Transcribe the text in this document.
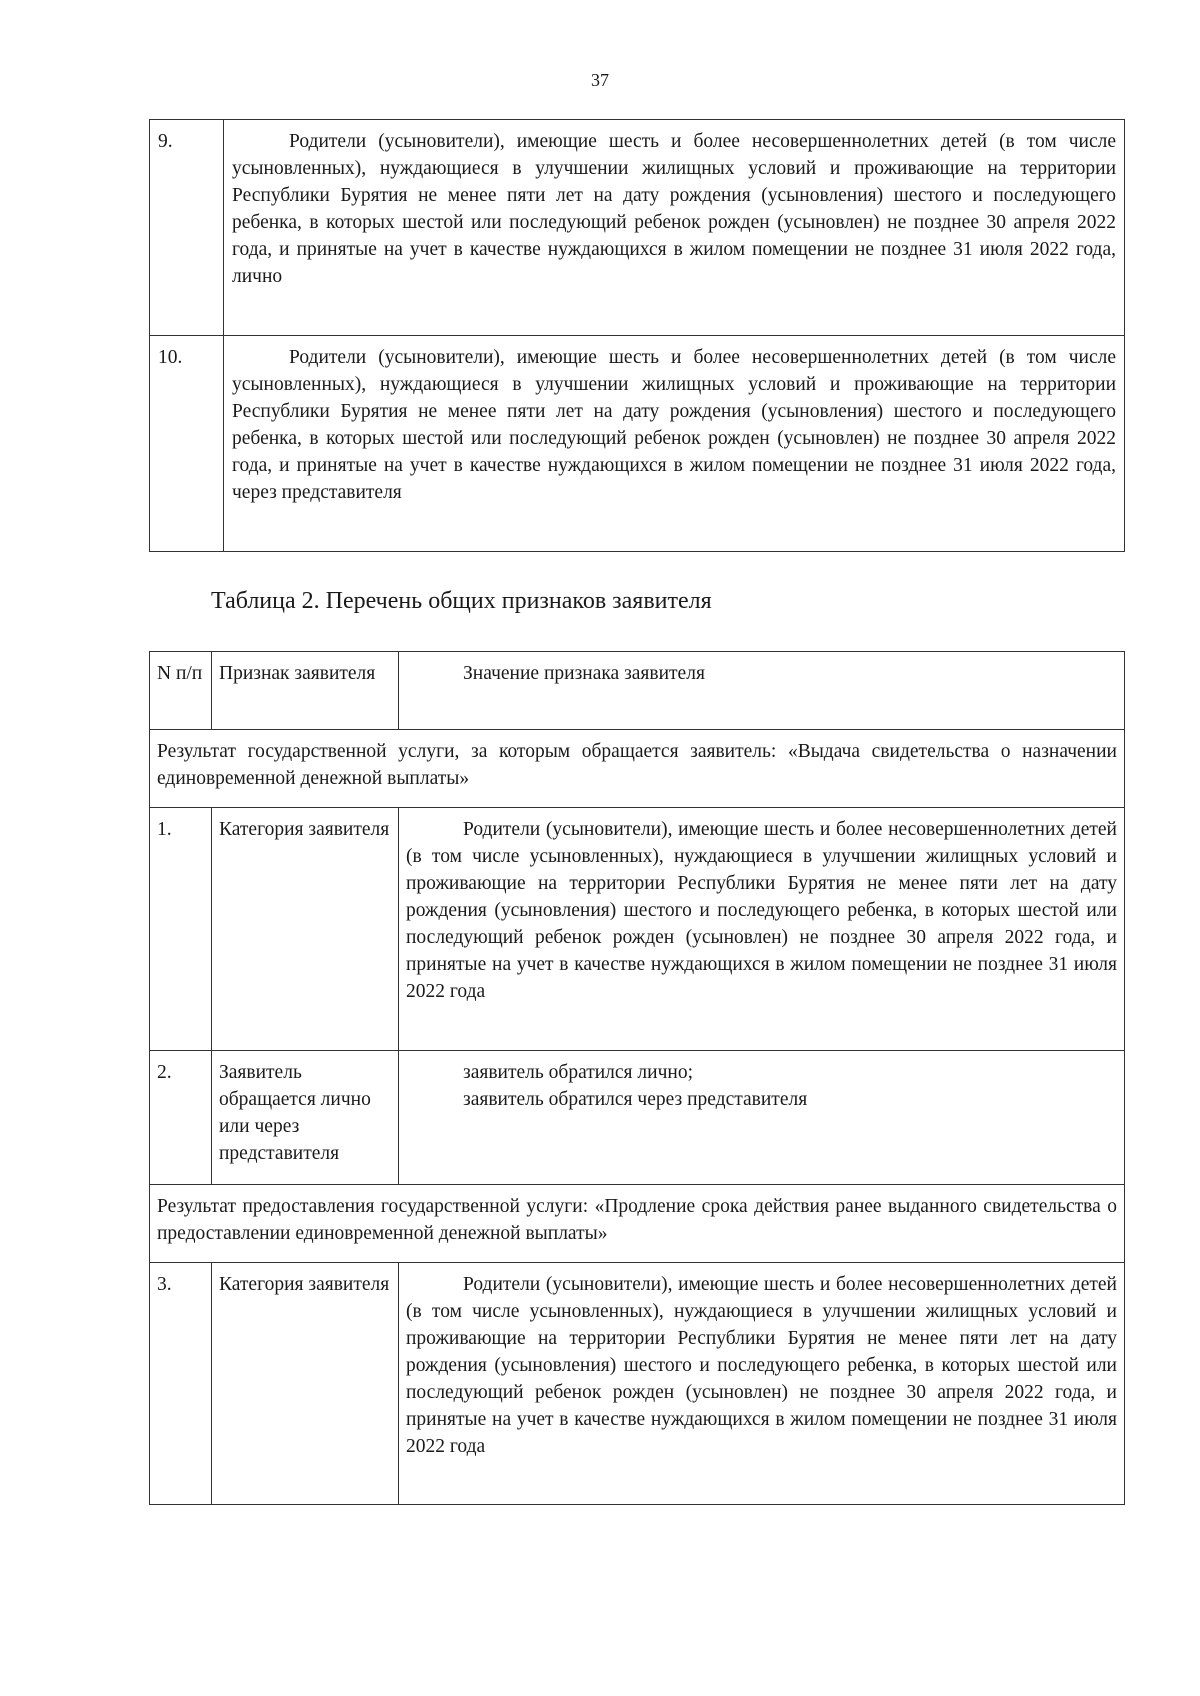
37
9.	Родители (усыновители), имеющие шесть и более несовершеннолетних детей (в том числе усыновленных), нуждающиеся в улучшении жилищных условий и проживающие на территории Республики Бурятия не менее пяти лет на дату рождения (усыновления) шестого и последующего ребенка, в которых шестой или последующий ребенок рожден (усыновлен) не позднее 30 апреля 2022 года, и принятые на учет в качестве нуждающихся в жилом помещении не позднее 31 июля 2022 года, лично
10.	Родители (усыновители), имеющие шесть и более несовершеннолетних детей (в том числе усыновленных), нуждающиеся в улучшении жилищных условий и проживающие на территории Республики Бурятия не менее пяти лет на дату рождения (усыновления) шестого и последующего ребенка, в которых шестой или последующий ребенок рожден (усыновлен) не позднее 30 апреля 2022 года, и принятые на учет в качестве нуждающихся в жилом помещении не позднее 31 июля 2022 года, через представителя
Таблица 2. Перечень общих признаков заявителя
N п/п	Признак заявителя	Значение признака заявителя
Результат государственной услуги, за которым обращается заявитель: «Выдача свидетельства о назначении единовременной денежной выплаты»		
1.	Категория заявителя	Родители (усыновители), имеющие шесть и более несовершеннолетних детей (в том числе усыновленных), нуждающиеся в улучшении жилищных условий и проживающие на территории Республики Бурятия не менее пяти лет на дату рождения (усыновления) шестого и последующего ребенка, в которых шестой или последующий ребенок рожден (усыновлен) не позднее 30 апреля 2022 года, и принятые на учет в качестве нуждающихся в жилом помещении не позднее 31 июля 2022 года
2.	Заявитель обращается лично или через представителя	заявитель обратился лично;
заявитель обратился через представителя

Результат предоставления государственной услуги: «Продление срока действия ранее выданного свидетельства о предоставлении единовременной денежной выплаты»		
3.	Категория заявителя	Родители (усыновители), имеющие шесть и более несовершеннолетних детей (в том числе усыновленных), нуждающиеся в улучшении жилищных условий и проживающие на территории Республики Бурятия не менее пяти лет на дату рождения (усыновления) шестого и последующего ребенка, в которых шестой или последующий ребенок рожден (усыновлен) не позднее 30 апреля 2022 года, и принятые на учет в качестве нуждающихся в жилом помещении не позднее 31 июля 2022 года
